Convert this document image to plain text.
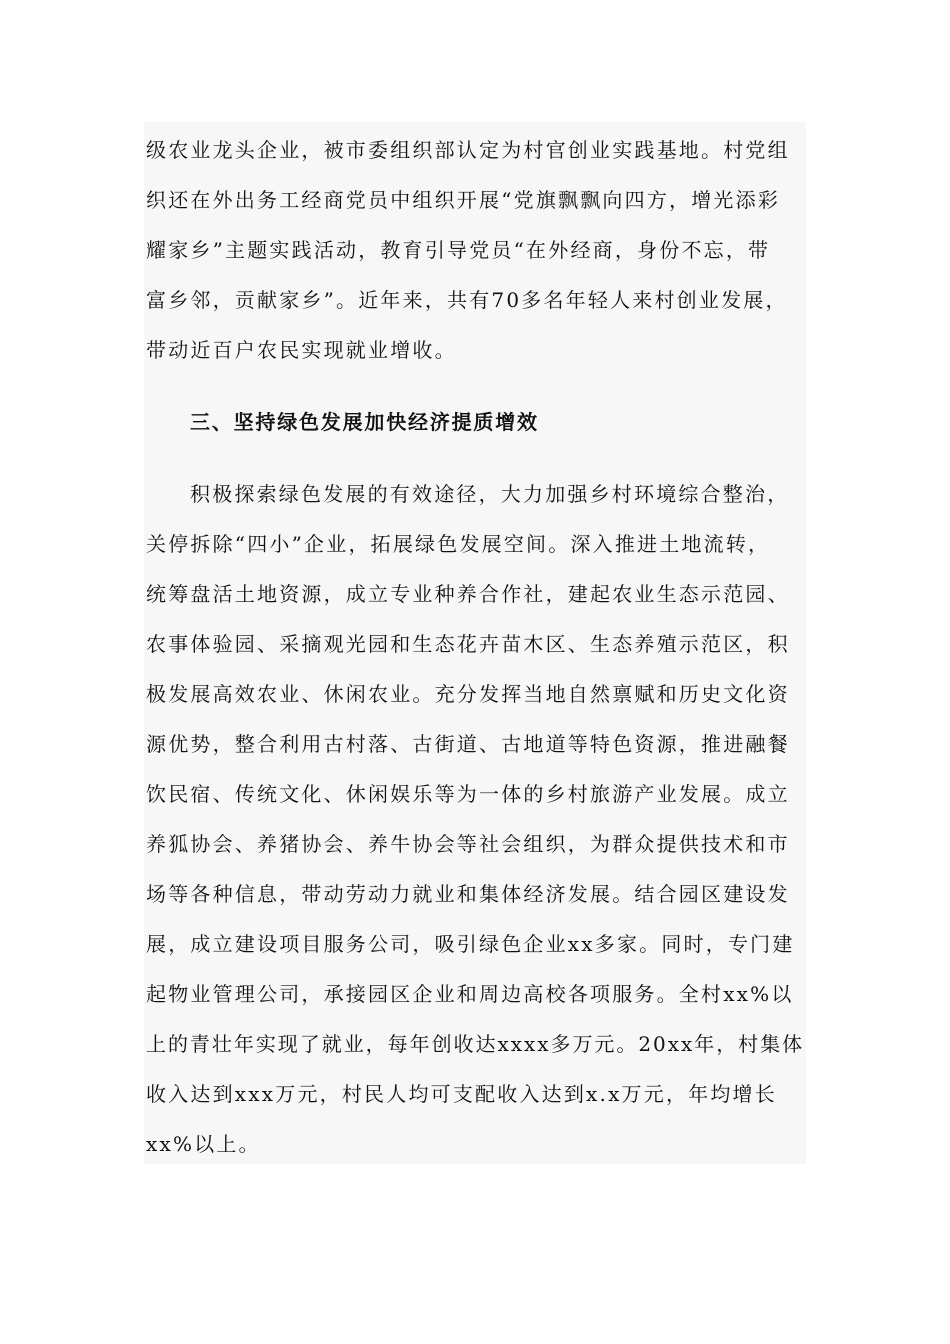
级农业龙头企业，被市委组织部认定为村官创业实践基地。村党组
织还在外出务工经商党员中组织开展“党旗飘飘向四方，增光添彩
耀家乡”主题实践活动，教育引导党员“在外经商，身份不忘，带
富乡邻，贡献家乡”。近年来，共有70多名年轻人来村创业发展，
带动近百户农民实现就业增收。
三、坚持绿色发展加快经济提质增效
积极探索绿色发展的有效途径，大力加强乡村环境综合整治，
关停拆除“四小”企业，拓展绿色发展空间。深入推进土地流转，
统筹盘活土地资源，成立专业种养合作社，建起农业生态示范园、
农事体验园、采摘观光园和生态花卉苗木区、生态养殖示范区，积
极发展高效农业、休闲农业。充分发挥当地自然禀赋和历史文化资
源优势，整合利用古村落、古街道、古地道等特色资源，推进融餐
饮民宿、传统文化、休闲娱乐等为一体的乡村旅游产业发展。成立
养狐协会、养猪协会、养牛协会等社会组织，为群众提供技术和市
场等各种信息，带动劳动力就业和集体经济发展。结合园区建设发
展，成立建设项目服务公司，吸引绿色企业xx多家。同时，专门建
起物业管理公司，承接园区企业和周边高校各项服务。全村xx%以
上的青壮年实现了就业，每年创收达xxxx多万元。20xx年，村集体
收入达到xxx万元，村民人均可支配收入达到x.x万元，年均增长
xx%以上。
